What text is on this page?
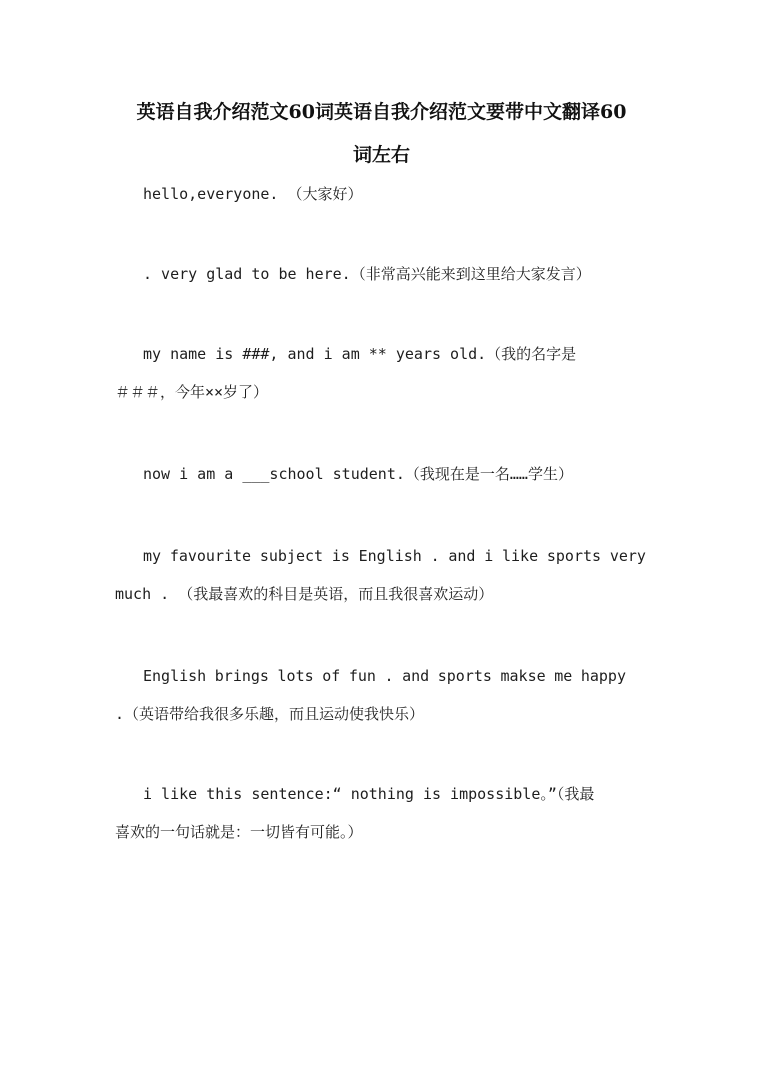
英语自我介绍范文60词英语自我介绍范文要带中文翻译60
词左右
hello,everyone. （大家好）
. very glad to be here.（非常高兴能来到这里给大家发言）
my name is ###, and i am ** years old.（我的名字是
＃＃＃，今年××岁了）
now i am a ___school student.（我现在是一名……学生）
my favourite subject is English . and i like sports very
much . （我最喜欢的科目是英语，而且我很喜欢运动）
English brings lots of fun . and sports makse me happy
.（英语带给我很多乐趣，而且运动使我快乐）
i like this sentence:“ nothing is impossible。”（我最
喜欢的一句话就是：一切皆有可能。）
